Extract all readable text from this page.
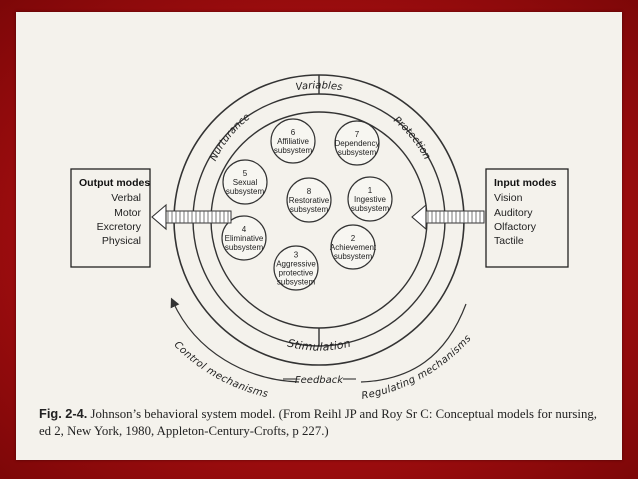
Variables
Nurturance	Protection
Stimulation
Control mechanisms	Regulating mechanisms
Feedback
6
Affiliative
subsystem
7
Dependency
subsystem
5
Sexual
subsystem	8
Restorative
subsystem
1
Ingestive
subsystem
4
Eliminative
subsystem
2
Achievement
subsystem
3
Aggressive
protective
subsystem
Output modes
Verbal
Motor
Excretory
Physical
Input modes
Vision
Auditory
Olfactory
Tactile
Fig. 2-4. Johnson’s behavioral system model. (From Reihl JP and Roy Sr C: Conceptual models for nursing, ed 2, New York, 1980, Appleton-Century-Crofts, p 227.)
